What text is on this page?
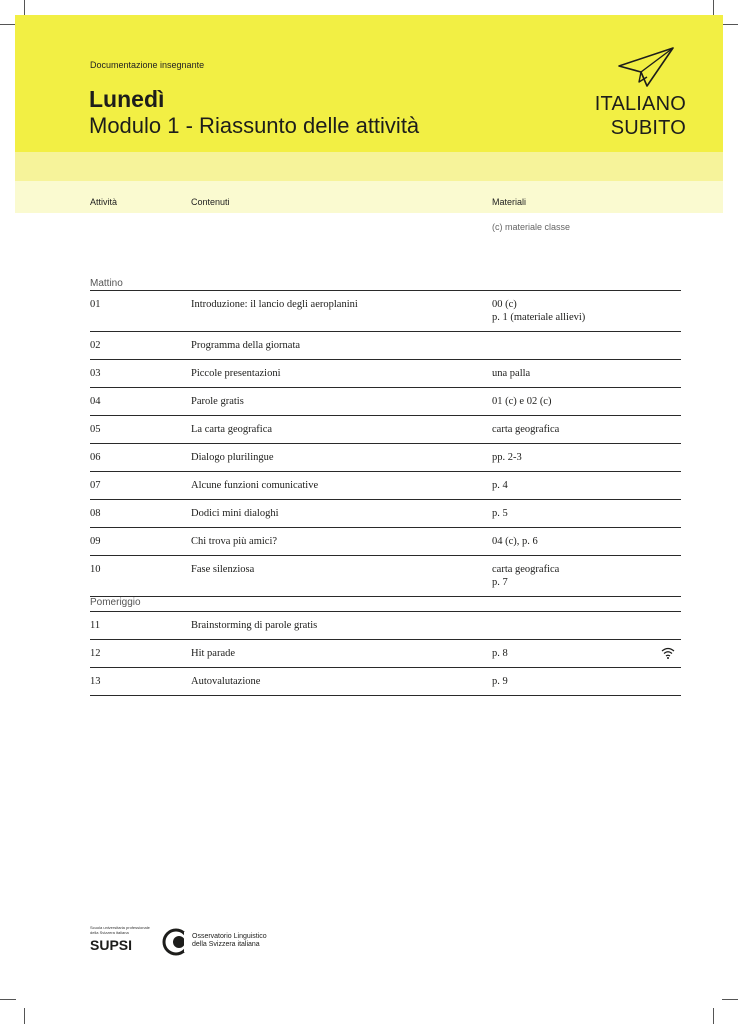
Documentazione insegnante
Lunedì
Modulo 1 - Riassunto delle attività
ITALIANO
SUBITO
Attività	Contenuti	Materiali
(c) materiale classe
Mattino
01	Introduzione: il lancio degli aeroplanini	00 (c)
p. 1 (materiale allievi)
02	Programma della giornata
03	Piccole presentazioni	una palla
04	Parole gratis	01 (c) e 02 (c)
05	La carta geografica	carta geografica
06	Dialogo plurilingue	pp. 2-3
07	Alcune funzioni comunicative	p. 4
08	Dodici mini dialoghi	p. 5
09	Chi trova più amici?	04 (c), p. 6
10	Fase silenziosa	carta geografica
p. 7
Pomeriggio
11	Brainstorming di parole gratis
12	Hit parade	p. 8
13	Autovalutazione	p. 9
Scuola universitaria professionale della Svizzera italiana
SUPSI
Osservatorio Linguistico
della Svizzera italiana
